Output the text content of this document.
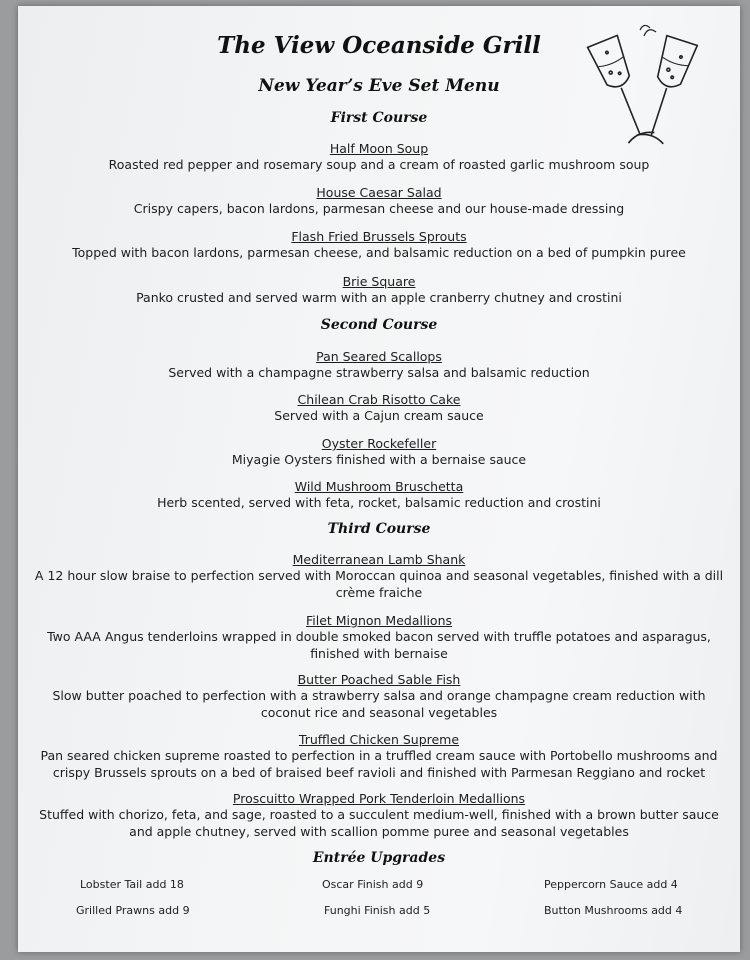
The View Oceanside Grill
New Year’s Eve Set Menu
First Course
Half Moon Soup
Roasted red pepper and rosemary soup and a cream of roasted garlic mushroom soup
House Caesar Salad
Crispy capers, bacon lardons, parmesan cheese and our house-made dressing
Flash Fried Brussels Sprouts
Topped with bacon lardons, parmesan cheese, and balsamic reduction on a bed of pumpkin puree
Brie Square
Panko crusted and served warm with an apple cranberry chutney and crostini
Second Course
Pan Seared Scallops
Served with a champagne strawberry salsa and balsamic reduction
Chilean Crab Risotto Cake
Served with a Cajun cream sauce
Oyster Rockefeller
Miyagie Oysters finished with a bernaise sauce
Wild Mushroom Bruschetta
Herb scented, served with feta, rocket, balsamic reduction and crostini
Third Course
Mediterranean Lamb Shank
A 12 hour slow braise to perfection served with Moroccan quinoa and seasonal vegetables, finished with a dill crème fraiche
Filet Mignon Medallions
Two AAA Angus tenderloins wrapped in double smoked bacon served with truffle potatoes and asparagus, finished with bernaise
Butter Poached Sable Fish
Slow butter poached to perfection with a strawberry salsa and orange champagne cream reduction with coconut rice and seasonal vegetables
Truffled Chicken Supreme
Pan seared chicken supreme roasted to perfection in a truffled cream sauce with Portobello mushrooms and crispy Brussels sprouts on a bed of braised beef ravioli and finished with Parmesan Reggiano and rocket
Proscuitto Wrapped Pork Tenderloin Medallions
Stuffed with chorizo, feta, and sage, roasted to a succulent medium-well, finished with a brown butter sauce and apple chutney, served with scallion pomme puree and seasonal vegetables
Entrée Upgrades
Lobster Tail add 18	Oscar Finish add 9	Peppercorn Sauce add 4
Grilled Prawns add 9	Funghi Finish add 5	Button Mushrooms add 4
